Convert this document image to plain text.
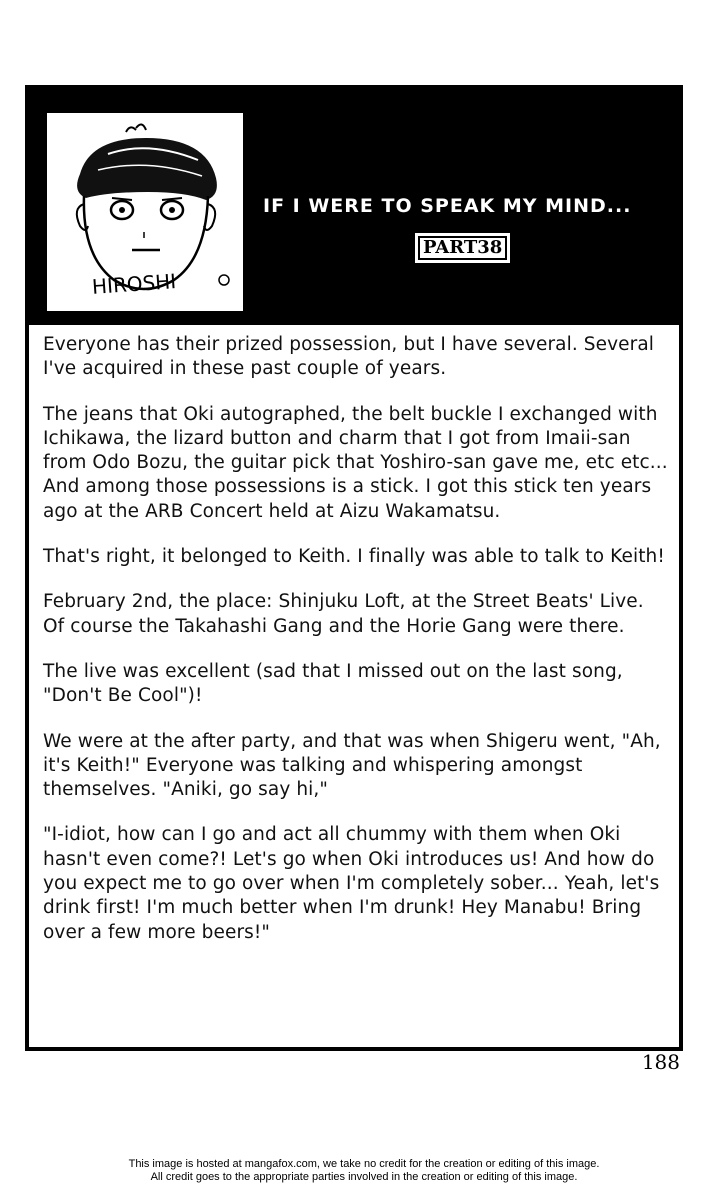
HIROSHI
IF I WERE TO SPEAK MY MIND...
PART38

Everyone has their prized possession, but I have several. Several I've acquired in these past couple of years.

The jeans that Oki autographed, the belt buckle I exchanged with Ichikawa, the lizard button and charm that I got from Imaii-san from Odo Bozu, the guitar pick that Yoshiro-san gave me, etc etc... And among those possessions is a stick. I got this stick ten years ago at the ARB Concert held at Aizu Wakamatsu.

That's right, it belonged to Keith. I finally was able to talk to Keith!

February 2nd, the place: Shinjuku Loft, at the Street Beats' Live. Of course the Takahashi Gang and the Horie Gang were there.

The live was excellent (sad that I missed out on the last song, "Don't Be Cool")!

We were at the after party, and that was when Shigeru went, "Ah, it's Keith!" Everyone was talking and whispering amongst themselves. "Aniki, go say hi,"

"I-idiot, how can I go and act all chummy with them when Oki hasn't even come?! Let's go when Oki introduces us! And how do you expect me to go over when I'm completely sober... Yeah, let's drink first! I'm much better when I'm drunk! Hey Manabu! Bring over a few more beers!"

188
This image is hosted at mangafox.com, we take no credit for the creation or editing of this image.
All credit goes to the appropriate parties involved in the creation or editing of this image.
